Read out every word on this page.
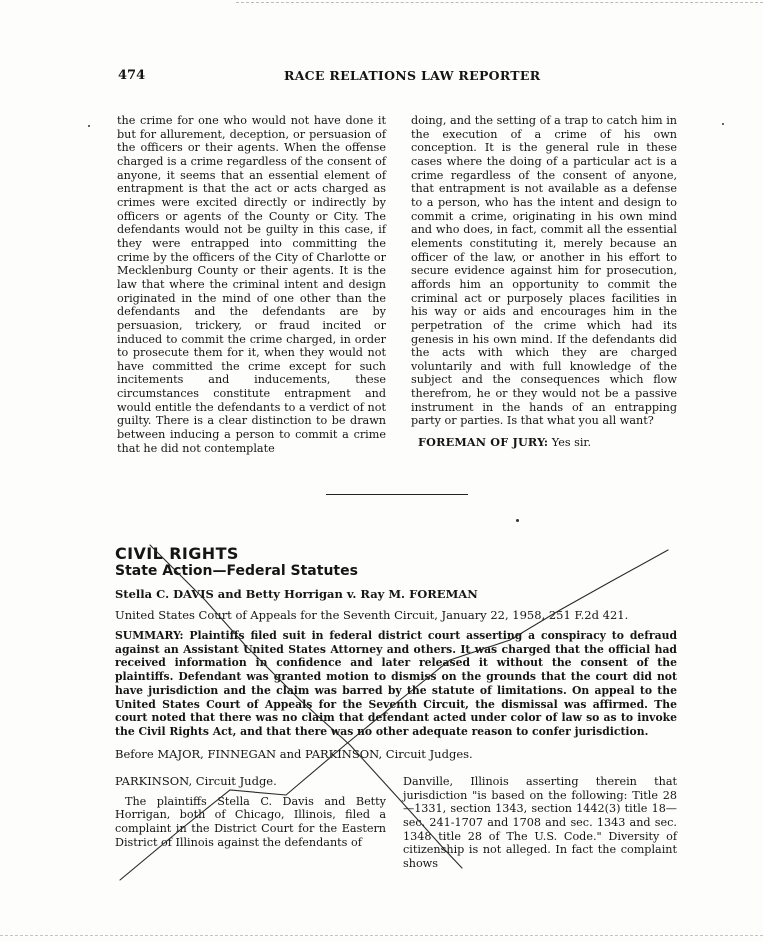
474	RACE RELATIONS LAW REPORTER

the crime for one who would not have done it but for allurement, deception, or persuasion of the officers or their agents. When the offense charged is a crime regardless of the consent of anyone, it seems that an essential element of entrapment is that the act or acts charged as crimes were excited directly or indirectly by officers or agents of the County or City. The defendants would not be guilty in this case, if they were entrapped into committing the crime by the officers of the City of Charlotte or Mecklenburg County or their agents. It is the law that where the criminal intent and design originated in the mind of one other than the defendants and the defendants are by persuasion, trickery, or fraud incited or induced to commit the crime charged, in order to prosecute them for it, when they would not have committed the crime except for such incitements and inducements, these circumstances constitute entrapment and would entitle the defendants to a verdict of not guilty. There is a clear distinction to be drawn between inducing a person to commit a crime that he did not contemplate

doing, and the setting of a trap to catch him in the execution of a crime of his own conception. It is the general rule in these cases where the doing of a particular act is a crime regardless of the consent of anyone, that entrapment is not available as a defense to a person, who has the intent and design to commit a crime, originating in his own mind and who does, in fact, commit all the essential elements constituting it, merely because an officer of the law, or another in his effort to secure evidence against him for prosecution, affords him an opportunity to commit the criminal act or purposely places facilities in his way or aids and encourages him in the perpetration of the crime which had its genesis in his own mind. If the defendants did the acts with which they are charged voluntarily and with full knowledge of the subject and the consequences which flow therefrom, he or they would not be a passive instrument in the hands of an entrapping party or parties. Is that what you all want?

FOREMAN OF JURY: Yes sir.

CIVIL RIGHTS
State Action—Federal Statutes
Stella C. DAVIS and Betty Horrigan v. Ray M. FOREMAN
United States Court of Appeals for the Seventh Circuit, January 22, 1958, 251 F.2d 421.

SUMMARY: Plaintiffs filed suit in federal district court asserting a conspiracy to defraud against an Assistant United States Attorney and others. It was charged that the official had received information in confidence and later released it without the consent of the plaintiffs. Defendant was granted motion to dismiss on the grounds that the court did not have jurisdiction and the claim was barred by the statute of limitations. On appeal to the United States Court of Appeals for the Seventh Circuit, the dismissal was affirmed. The court noted that there was no claim that defendant acted under color of law so as to invoke the Civil Rights Act, and that there was no other adequate reason to confer jurisdiction.

Before MAJOR, FINNEGAN and PARKINSON, Circuit Judges.

PARKINSON, Circuit Judge.

The plaintiffs Stella C. Davis and Betty Horrigan, both of Chicago, Illinois, filed a complaint in the District Court for the Eastern District of Illinois against the defendants of

Danville, Illinois asserting therein that jurisdiction "is based on the following: Title 28—1331, section 1343, section 1442(3) title 18—sec. 241-1707 and 1708 and sec. 1343 and sec. 1348 title 28 of The U.S. Code." Diversity of citizenship is not alleged. In fact the complaint shows
